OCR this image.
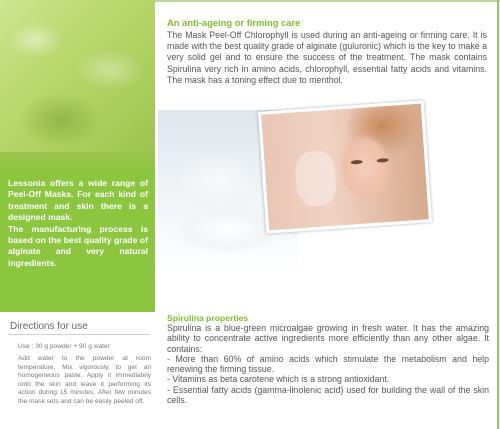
Lessonia offers a wide range of Peel-Off Masks. For each kind of treatment and skin there is a designed mask.

The manufacturing process is based on the best quality grade of alginate and very natural ingredients.

Directions for use
Use : 30 g powder + 90 g water
Add water to the powder at room temperature. Mix vigorously to get an homogeneous paste. Apply it immediately onto the skin and leave it performing its action during 15 minutes. After few minutes the mask sets and can be easily peeled off.
An anti-ageing or firming care
The Mask Peel-Off Chlorophyll is used during an anti-ageing or firming care. It is made with the best quality grade of alginate (guluronic) which is the key to make a very solid gel and to ensure the success of the treatment. The mask contains Spirulina very rich in amino acids, chlorophyll, essential fatty acids and vitamins. The mask has a toning effect due to menthol.
Spirulina properties
Spirulina is a blue-green microalgae growing in fresh water. It has the amazing ability to concentrate active ingredients more efficiently than any other algae. It contains:
- More than 60% of amino acids which stimulate the metabolism and help renewing the firming tissue.
- Vitamins as beta carotene which is a strong antioxidant.
- Essential fatty acids (gamma-linolenic acid) used for building the wall of the skin cells.
